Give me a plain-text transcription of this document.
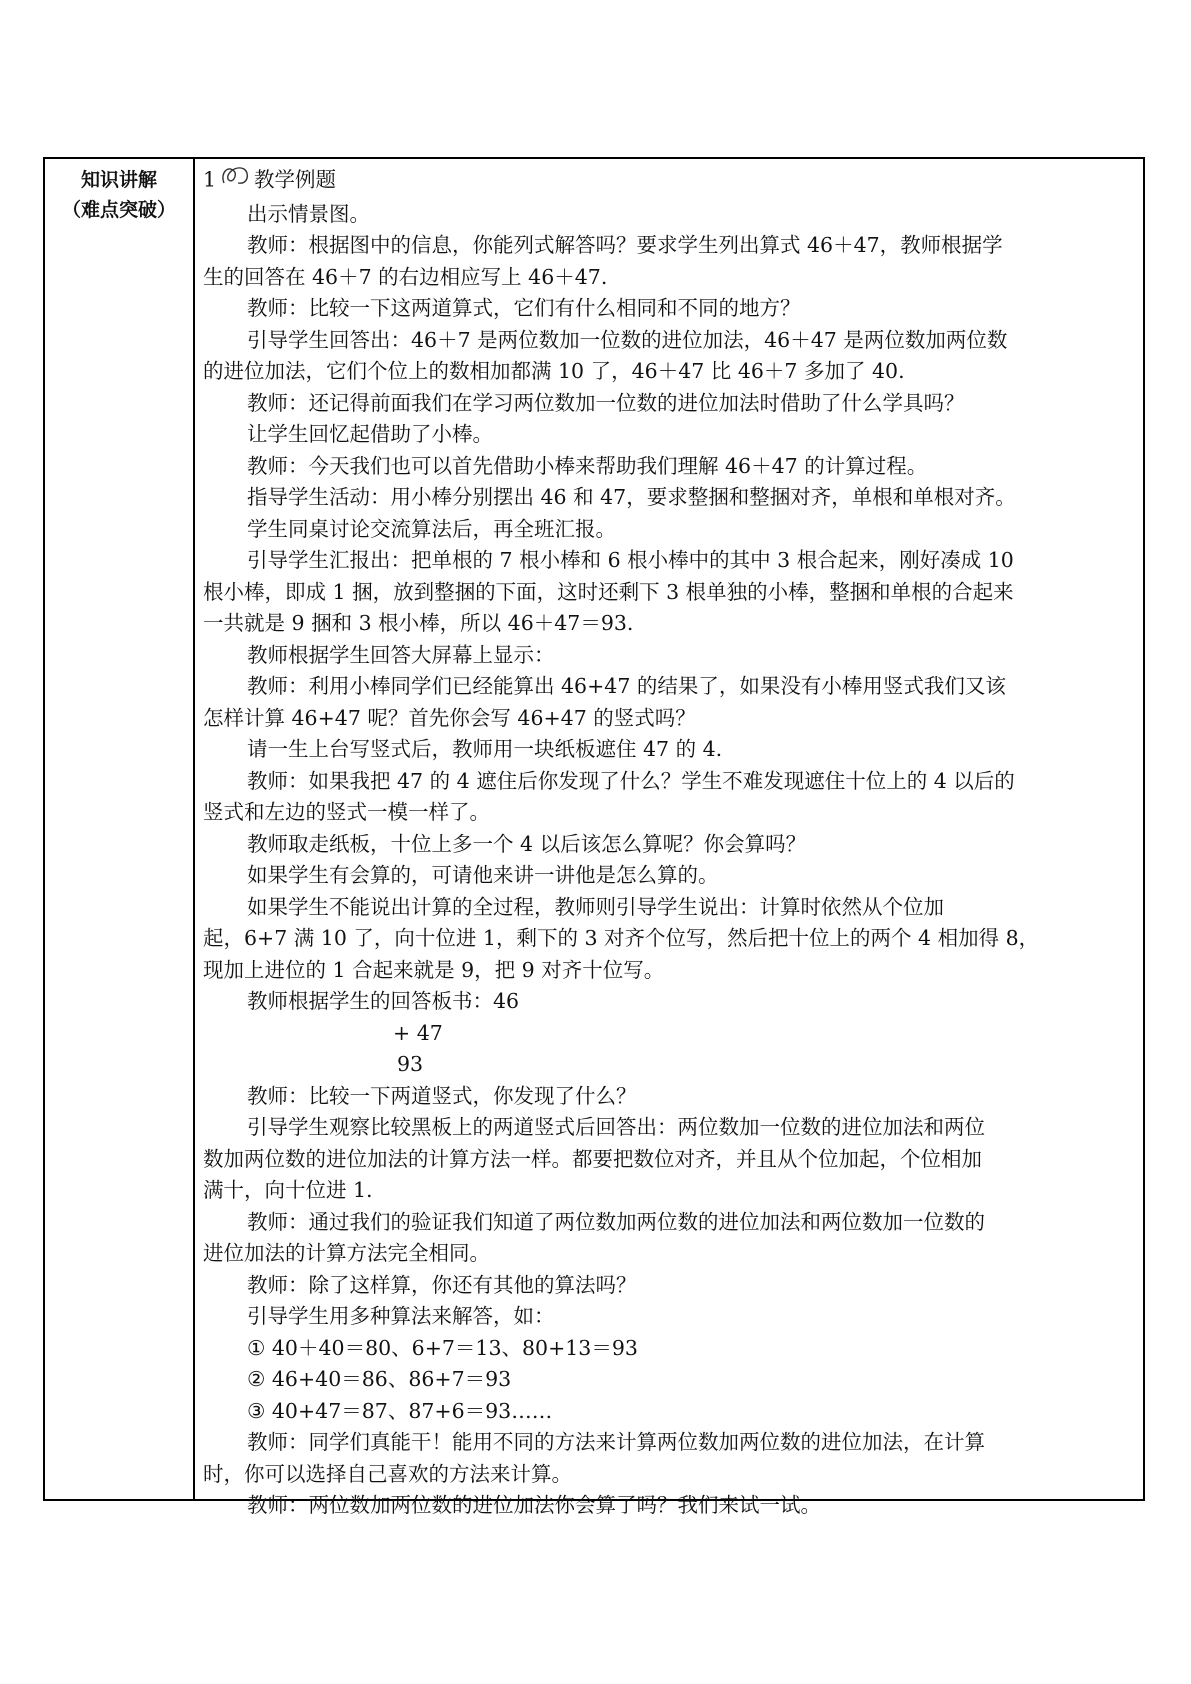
知识讲解
（难点突破）
1 教学例题
出示情景图。
教师：根据图中的信息，你能列式解答吗？要求学生列出算式 46＋47，教师根据学
生的回答在 46＋7 的右边相应写上 46＋47.
教师：比较一下这两道算式，它们有什么相同和不同的地方？
引导学生回答出：46＋7 是两位数加一位数的进位加法，46＋47 是两位数加两位数
的进位加法，它们个位上的数相加都满 10 了，46＋47 比 46＋7 多加了 40.
教师：还记得前面我们在学习两位数加一位数的进位加法时借助了什么学具吗？
让学生回忆起借助了小棒。
教师：今天我们也可以首先借助小棒来帮助我们理解 46＋47 的计算过程。
指导学生活动：用小棒分别摆出 46 和 47，要求整捆和整捆对齐，单根和单根对齐。
学生同桌讨论交流算法后，再全班汇报。
引导学生汇报出：把单根的 7 根小棒和 6 根小棒中的其中 3 根合起来，刚好凑成 10
根小棒，即成 1 捆，放到整捆的下面，这时还剩下 3 根单独的小棒，整捆和单根的合起来
一共就是 9 捆和 3 根小棒，所以 46＋47＝93.
教师根据学生回答大屏幕上显示：
教师：利用小棒同学们已经能算出 46+47 的结果了，如果没有小棒用竖式我们又该
怎样计算 46+47 呢？首先你会写 46+47 的竖式吗？
请一生上台写竖式后，教师用一块纸板遮住 47 的 4.
教师：如果我把 47 的 4 遮住后你发现了什么？学生不难发现遮住十位上的 4 以后的
竖式和左边的竖式一模一样了。
教师取走纸板，十位上多一个 4 以后该怎么算呢？你会算吗？
如果学生有会算的，可请他来讲一讲他是怎么算的。
如果学生不能说出计算的全过程，教师则引导学生说出：计算时依然从个位加
起，6+7 满 10 了，向十位进 1，剩下的 3 对齐个位写，然后把十位上的两个 4 相加得 8，
现加上进位的 1 合起来就是 9，把 9 对齐十位写。
教师根据学生的回答板书：46
+ 47
93
教师：比较一下两道竖式，你发现了什么？
引导学生观察比较黑板上的两道竖式后回答出：两位数加一位数的进位加法和两位
数加两位数的进位加法的计算方法一样。都要把数位对齐，并且从个位加起，个位相加
满十，向十位进 1.
教师：通过我们的验证我们知道了两位数加两位数的进位加法和两位数加一位数的
进位加法的计算方法完全相同。
教师：除了这样算，你还有其他的算法吗？
引导学生用多种算法来解答，如：
① 40＋40＝80、6+7＝13、80+13＝93
② 46+40＝86、86+7＝93
③ 40+47＝87、87+6＝93……
教师：同学们真能干！能用不同的方法来计算两位数加两位数的进位加法，在计算
时，你可以选择自己喜欢的方法来计算。
教师：两位数加两位数的进位加法你会算了吗？我们来试一试。
